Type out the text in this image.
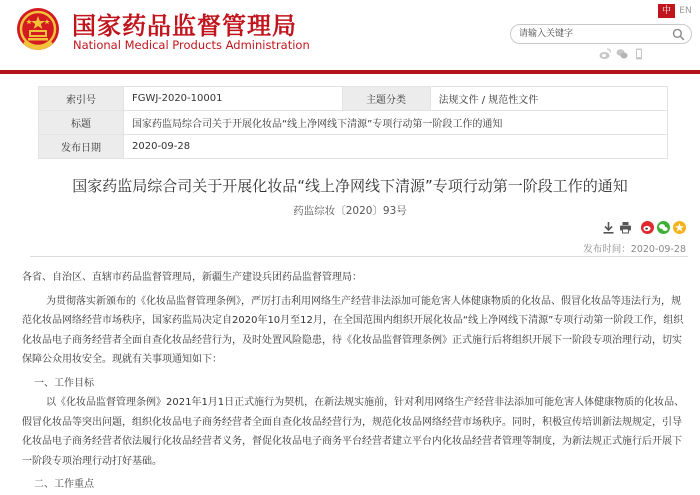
国家药品监督管理局
National Medical Products Administration
中 EN
请输入关键字
索引号	FGWJ-2020-10001	主题分类	法规文件 / 规范性文件
标题	国家药监局综合司关于开展化妆品“线上净网线下清源”专项行动第一阶段工作的通知		
发布日期	2020-09-28		
国家药监局综合司关于开展化妆品“线上净网线下清源”专项行动第一阶段工作的通知
药监综妆〔2020〕93号
发布时间：2020-09-28

各省、自治区、直辖市药品监督管理局，新疆生产建设兵团药品监督管理局：

为贯彻落实新颁布的《化妆品监督管理条例》，严厉打击利用网络生产经营非法添加可能危害人体健康物质的化妆品、假冒化妆品等违法行为，规范化妆品网络经营市场秩序，国家药监局决定自2020年10月至12月，在全国范围内组织开展化妆品“线上净网线下清源”专项行动第一阶段工作，组织化妆品电子商务经营者全面自查化妆品经营行为，及时处置风险隐患，待《化妆品监督管理条例》正式施行后将组织开展下一阶段专项治理行动，切实保障公众用妆安全。现就有关事项通知如下：

一、工作目标

以《化妆品监督管理条例》2021年1月1日正式施行为契机，在新法规实施前，针对利用网络生产经营非法添加可能危害人体健康物质的化妆品、假冒化妆品等突出问题，组织化妆品电子商务经营者全面自查化妆品经营行为，规范化妆品网络经营市场秩序。同时，积极宣传培训新法规规定，引导化妆品电子商务经营者依法履行化妆品经营者义务，督促化妆品电子商务平台经营者建立平台内化妆品经营者管理等制度，为新法规正式施行后开展下一阶段专项治理行动打好基础。

二、工作重点
